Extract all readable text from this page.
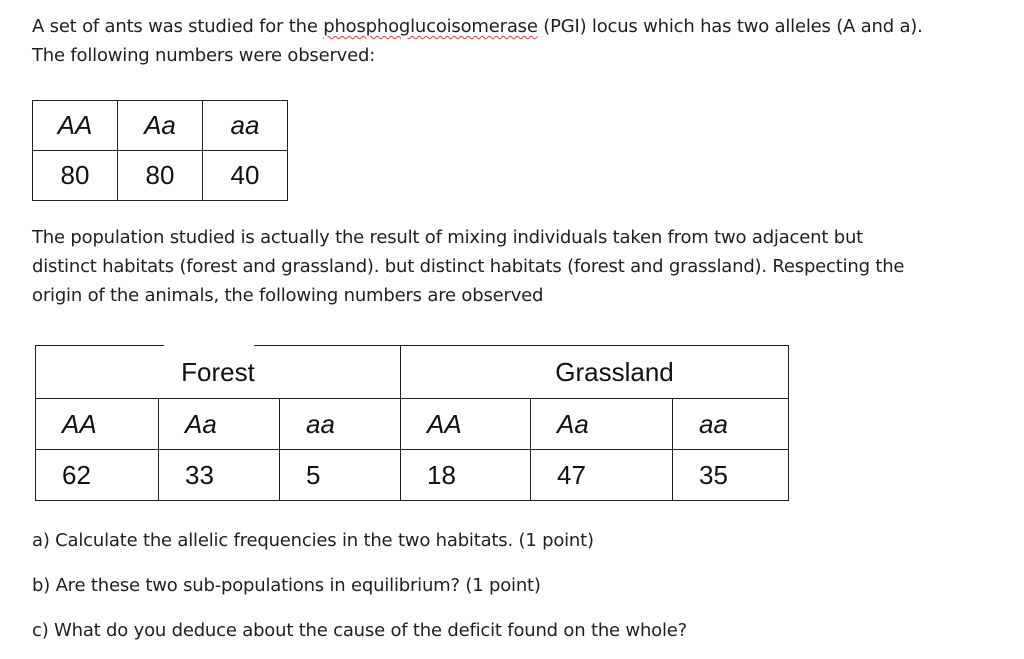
A set of ants was studied for the phosphoglucoisomerase (PGI) locus which has two alleles (A and a).
The following numbers were observed:

AA	Aa	aa
80	80	40

The population studied is actually the result of mixing individuals taken from two adjacent but
distinct habitats (forest and grassland). but distinct habitats (forest and grassland). Respecting the
origin of the animals, the following numbers are observed

Forest			Grassland		
AA	Aa	aa	AA	Aa	aa
62	33	5	18	47	35

a) Calculate the allelic frequencies in the two habitats. (1 point)

b) Are these two sub-populations in equilibrium? (1 point)

c) What do you deduce about the cause of the deficit found on the whole?
